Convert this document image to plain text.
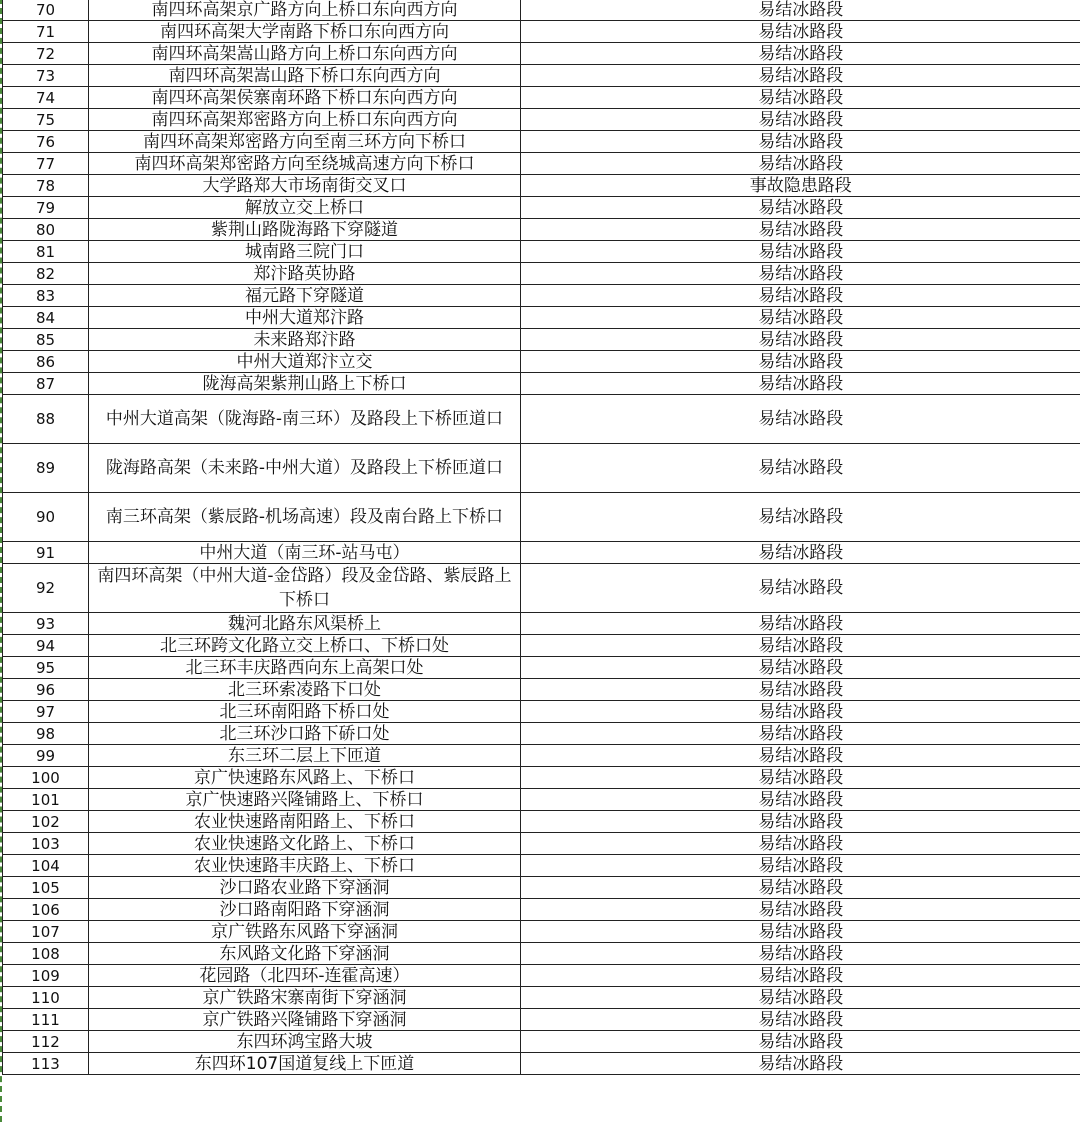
70	南四环高架京广路方向上桥口东向西方向	易结冰路段
71	南四环高架大学南路下桥口东向西方向	易结冰路段
72	南四环高架嵩山路方向上桥口东向西方向	易结冰路段
73	南四环高架嵩山路下桥口东向西方向	易结冰路段
74	南四环高架侯寨南环路下桥口东向西方向	易结冰路段
75	南四环高架郑密路方向上桥口东向西方向	易结冰路段
76	南四环高架郑密路方向至南三环方向下桥口	易结冰路段
77	南四环高架郑密路方向至绕城高速方向下桥口	易结冰路段
78	大学路郑大市场南街交叉口	事故隐患路段
79	解放立交上桥口	易结冰路段
80	紫荆山路陇海路下穿隧道	易结冰路段
81	城南路三院门口	易结冰路段
82	郑汴路英协路	易结冰路段
83	福元路下穿隧道	易结冰路段
84	中州大道郑汴路	易结冰路段
85	未来路郑汴路	易结冰路段
86	中州大道郑汴立交	易结冰路段
87	陇海高架紫荆山路上下桥口	易结冰路段
88	中州大道高架（陇海路-南三环）及路段上下桥匝道口	易结冰路段
89	陇海路高架（未来路-中州大道）及路段上下桥匝道口	易结冰路段
90	南三环高架（紫辰路-机场高速）段及南台路上下桥口	易结冰路段
91	中州大道（南三环-站马屯）	易结冰路段
92	南四环高架（中州大道-金岱路）段及金岱路、紫辰路上下桥口	易结冰路段
93	魏河北路东风渠桥上	易结冰路段
94	北三环跨文化路立交上桥口、下桥口处	易结冰路段
95	北三环丰庆路西向东上高架口处	易结冰路段
96	北三环索凌路下口处	易结冰路段
97	北三环南阳路下桥口处	易结冰路段
98	北三环沙口路下硚口处	易结冰路段
99	东三环二层上下匝道	易结冰路段
100	京广快速路东风路上、下桥口	易结冰路段
101	京广快速路兴隆铺路上、下桥口	易结冰路段
102	农业快速路南阳路上、下桥口	易结冰路段
103	农业快速路文化路上、下桥口	易结冰路段
104	农业快速路丰庆路上、下桥口	易结冰路段
105	沙口路农业路下穿涵洞	易结冰路段
106	沙口路南阳路下穿涵洞	易结冰路段
107	京广铁路东风路下穿涵洞	易结冰路段
108	东风路文化路下穿涵洞	易结冰路段
109	花园路（北四环-连霍高速）	易结冰路段
110	京广铁路宋寨南街下穿涵洞	易结冰路段
111	京广铁路兴隆铺路下穿涵洞	易结冰路段
112	东四环鸿宝路大坡	易结冰路段
113	东四环107国道复线上下匝道	易结冰路段
